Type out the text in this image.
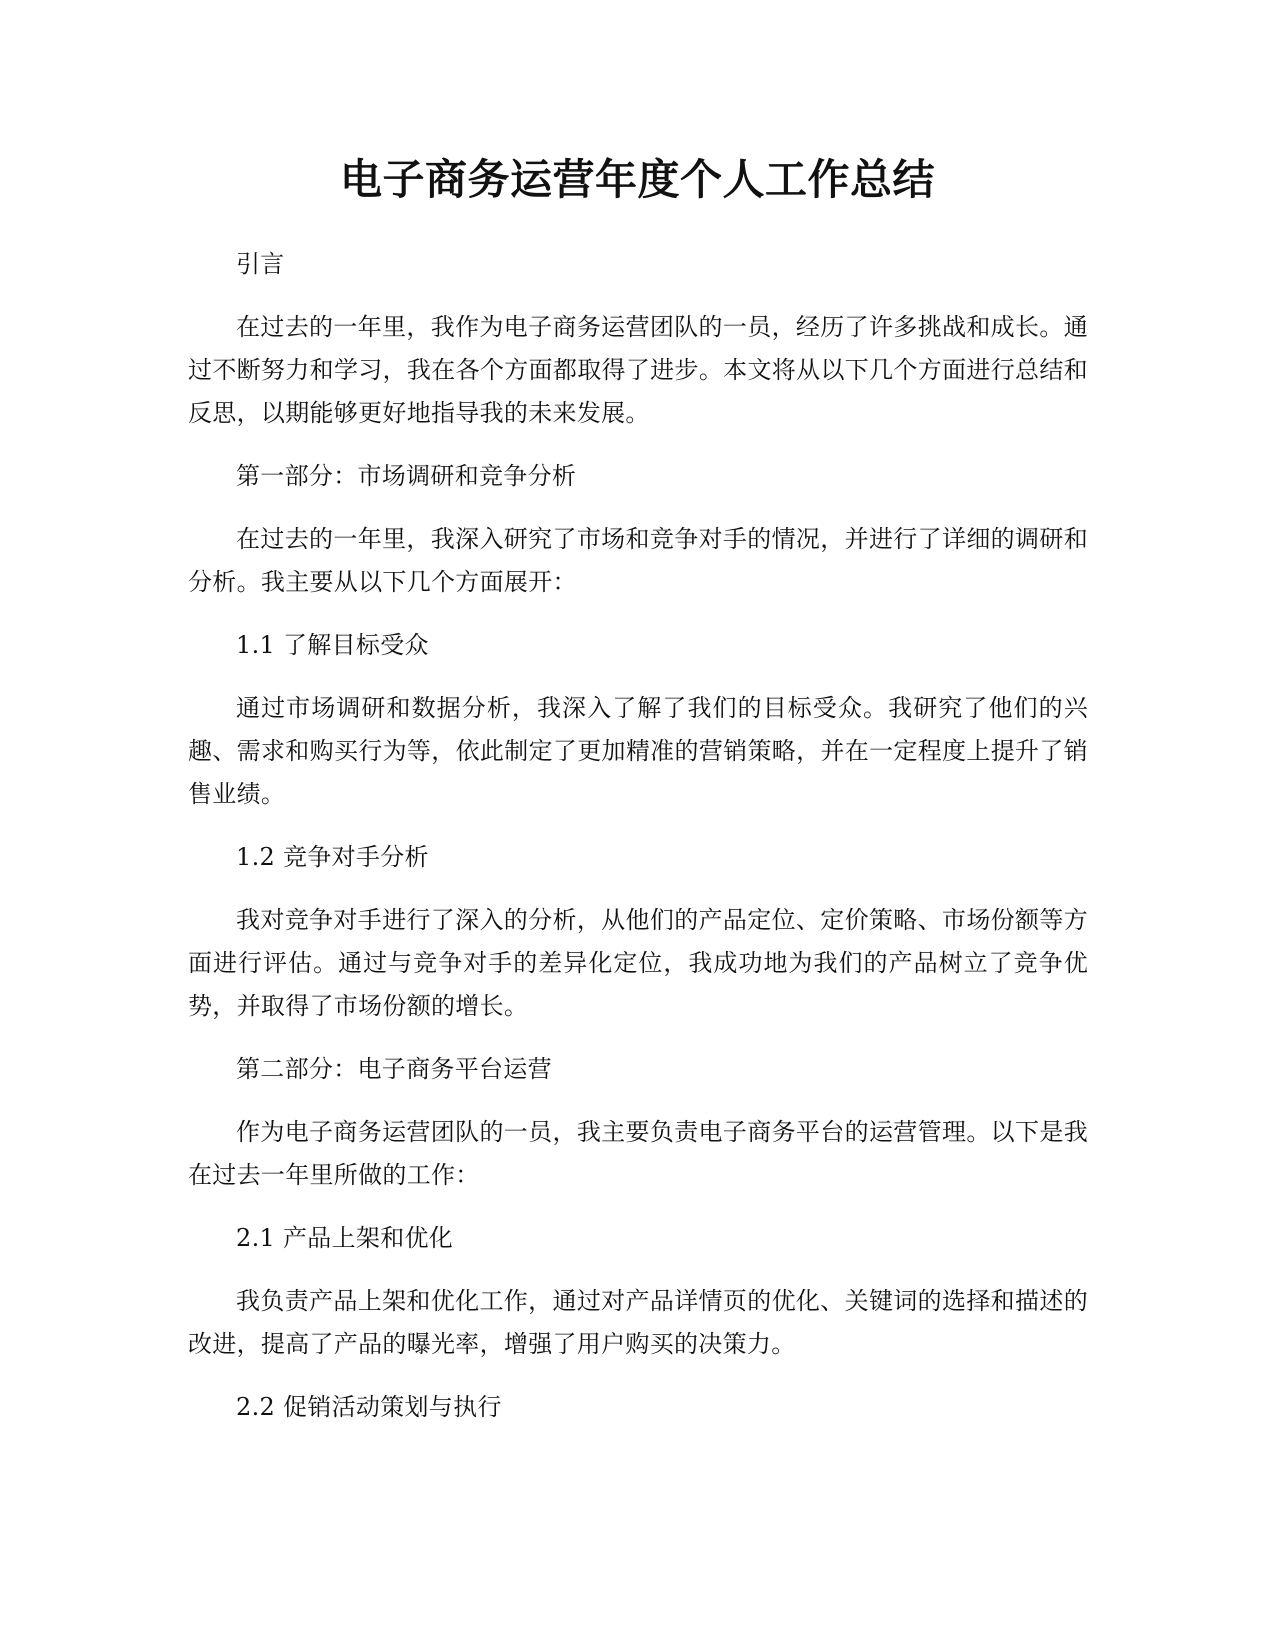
电子商务运营年度个人工作总结

引言

在过去的一年里，我作为电子商务运营团队的一员，经历了许多挑战和成长。通过不断努力和学习，我在各个方面都取得了进步。本文将从以下几个方面进行总结和反思，以期能够更好地指导我的未来发展。

第一部分：市场调研和竞争分析

在过去的一年里，我深入研究了市场和竞争对手的情况，并进行了详细的调研和分析。我主要从以下几个方面展开：

1.1 了解目标受众

通过市场调研和数据分析，我深入了解了我们的目标受众。我研究了他们的兴趣、需求和购买行为等，依此制定了更加精准的营销策略，并在一定程度上提升了销售业绩。

1.2 竞争对手分析

我对竞争对手进行了深入的分析，从他们的产品定位、定价策略、市场份额等方面进行评估。通过与竞争对手的差异化定位，我成功地为我们的产品树立了竞争优势，并取得了市场份额的增长。

第二部分：电子商务平台运营

作为电子商务运营团队的一员，我主要负责电子商务平台的运营管理。以下是我在过去一年里所做的工作：

2.1 产品上架和优化

我负责产品上架和优化工作，通过对产品详情页的优化、关键词的选择和描述的改进，提高了产品的曝光率，增强了用户购买的决策力。

2.2 促销活动策划与执行
